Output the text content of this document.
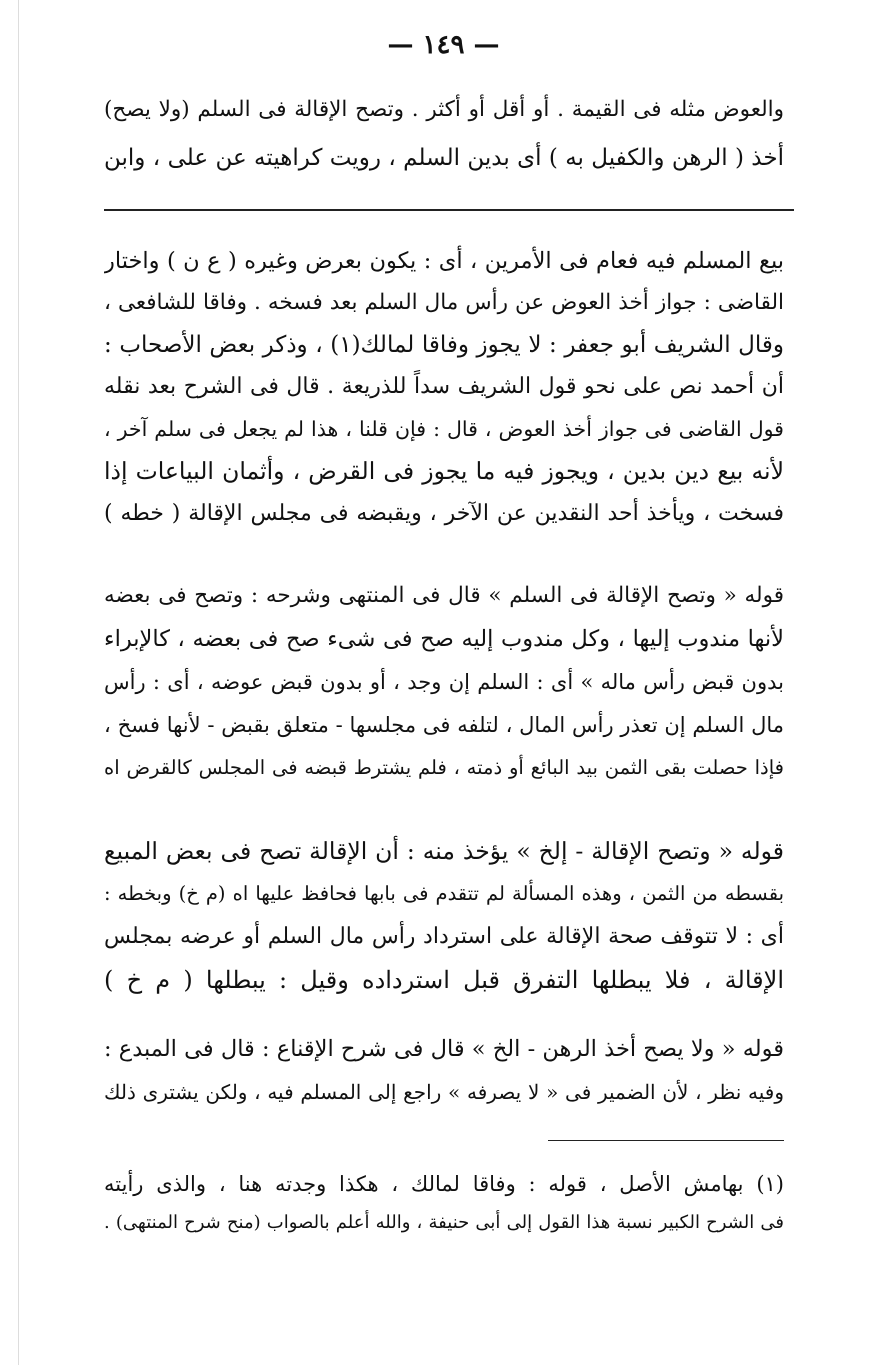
— ١٤٩ —
والعوض مثله فى القيمة . أو أقل أو أكثر . وتصح الإقالة فى السلم (ولا يصح)
أخذ ( الرهن والكفيل به ) أى بدين السلم ، رويت كراهيته عن على ، وابن
بيع المسلم فيه فعام فى الأمرين ، أى : يكون بعرض وغيره ( ع ن ) واختار
القاضى : جواز أخذ العوض عن رأس مال السلم بعد فسخه . وفاقا للشافعى ،
وقال الشريف أبو جعفر : لا يجوز وفاقا لمالك(١) ، وذكر بعض الأصحاب :
أن أحمد نص على نحو قول الشريف سداً للذريعة . قال فى الشرح بعد نقله
قول القاضى فى جواز أخذ العوض ، قال : فإن قلنا ، هذا لم يجعل فى سلم آخر ،
لأنه بيع دين بدين ، ويجوز فيه ما يجوز فى القرض ، وأثمان البياعات إذا
فسخت ، ويأخذ أحد النقدين عن الآخر ، ويقبضه فى مجلس الإقالة ( خطه )
قوله « وتصح الإقالة فى السلم » قال فى المنتهى وشرحه : وتصح فى بعضه
لأنها مندوب إليها ، وكل مندوب إليه صح فى شىء صح فى بعضه ، كالإبراء
بدون قبض رأس ماله » أى : السلم إن وجد ، أو بدون قبض عوضه ، أى : رأس
مال السلم إن تعذر رأس المال ، لتلفه فى مجلسها - متعلق بقبض - لأنها فسخ ،
فإذا حصلت بقى الثمن بيد البائع أو ذمته ، فلم يشترط قبضه فى المجلس كالقرض اه
قوله « وتصح الإقالة - إلخ » يؤخذ منه : أن الإقالة تصح فى بعض المبيع
بقسطه من الثمن ، وهذه المسألة لم تتقدم فى بابها فحافظ عليها اه (م خ) وبخطه :
أى : لا تتوقف صحة الإقالة على استرداد رأس مال السلم أو عرضه بمجلس
الإقالة ، فلا يبطلها التفرق قبل استرداده وقيل : يبطلها ( م خ )
قوله « ولا يصح أخذ الرهن - الخ » قال فى شرح الإقناع : قال فى المبدع :
وفيه نظر ، لأن الضمير فى « لا يصرفه » راجع إلى المسلم فيه ، ولكن يشترى ذلك
(١) بهامش الأصل ، قوله : وفاقا لمالك ، هكذا وجدته هنا ، والذى رأيته
فى الشرح الكبير نسبة هذا القول إلى أبى حنيفة ، والله أعلم بالصواب (منح شرح المنتهى) .
